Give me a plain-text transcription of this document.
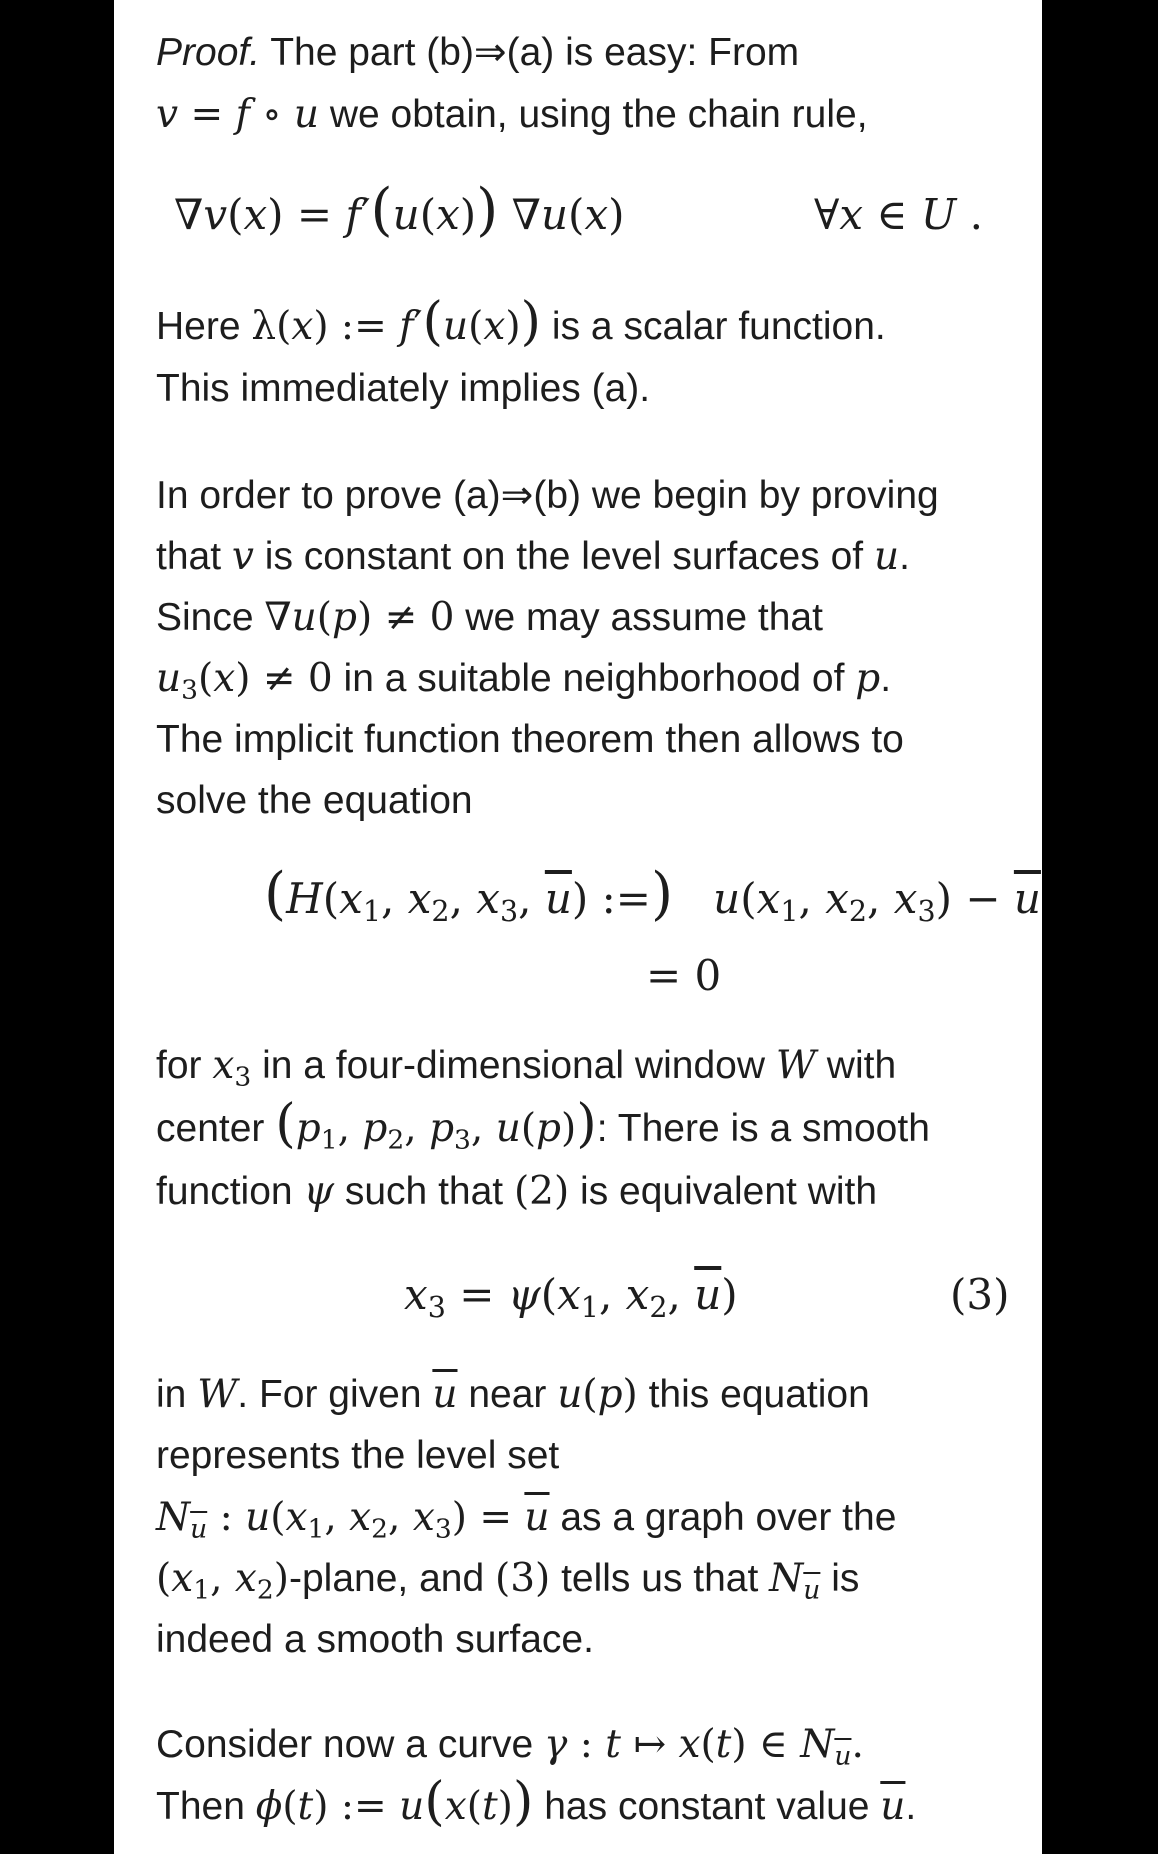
Proof. The part (b)⇒(a) is easy: From
v = f ∘ u we obtain, using the chain rule,
∇v(x) = f′(u(x)) ∇u(x)	∀x ∈ U .
Here λ(x) := f′(u(x)) is a scalar function.
This immediately implies (a).
In order to prove (a)⇒(b) we begin by proving
that v is constant on the level surfaces of u.
Since ∇u(p) ≠ 0 we may assume that
$u_3(x) \ne 0$ in a suitable neighborhood of p.
The implicit function theorem then allows to
solve the equation
($H(x_1$, $x_2$, $x_3$, $\overline{u}$) :=) $u(x_1$, $x_2$, $x_3) - \overline{u}$
= 0
for $x_3$ in a four-dimensional window W with
center ($p_1$, $p_2$, $p_3$, u(p)): There is a smooth
function ψ such that (2) is equivalent with
$x_3 = \psi(x_1$, $x_2$, $\overline{u}$)	(3)
in W. For given $\overline{u}$ near u(p) this equation
represents the level set
$N_{\overline{u}}$ : $u(x_1$, $x_2$, $x_3) = \overline{u}$ as a graph over the
($x_1$, $x_2$)-plane, and (3) tells us that $N_{\overline{u}}$ is
indeed a smooth surface.
Consider now a curve γ : t ↦ x(t) ∈ $N_{\overline{u}}$.
Then ϕ(t) := u(x(t)) has constant value $\overline{u}$.
